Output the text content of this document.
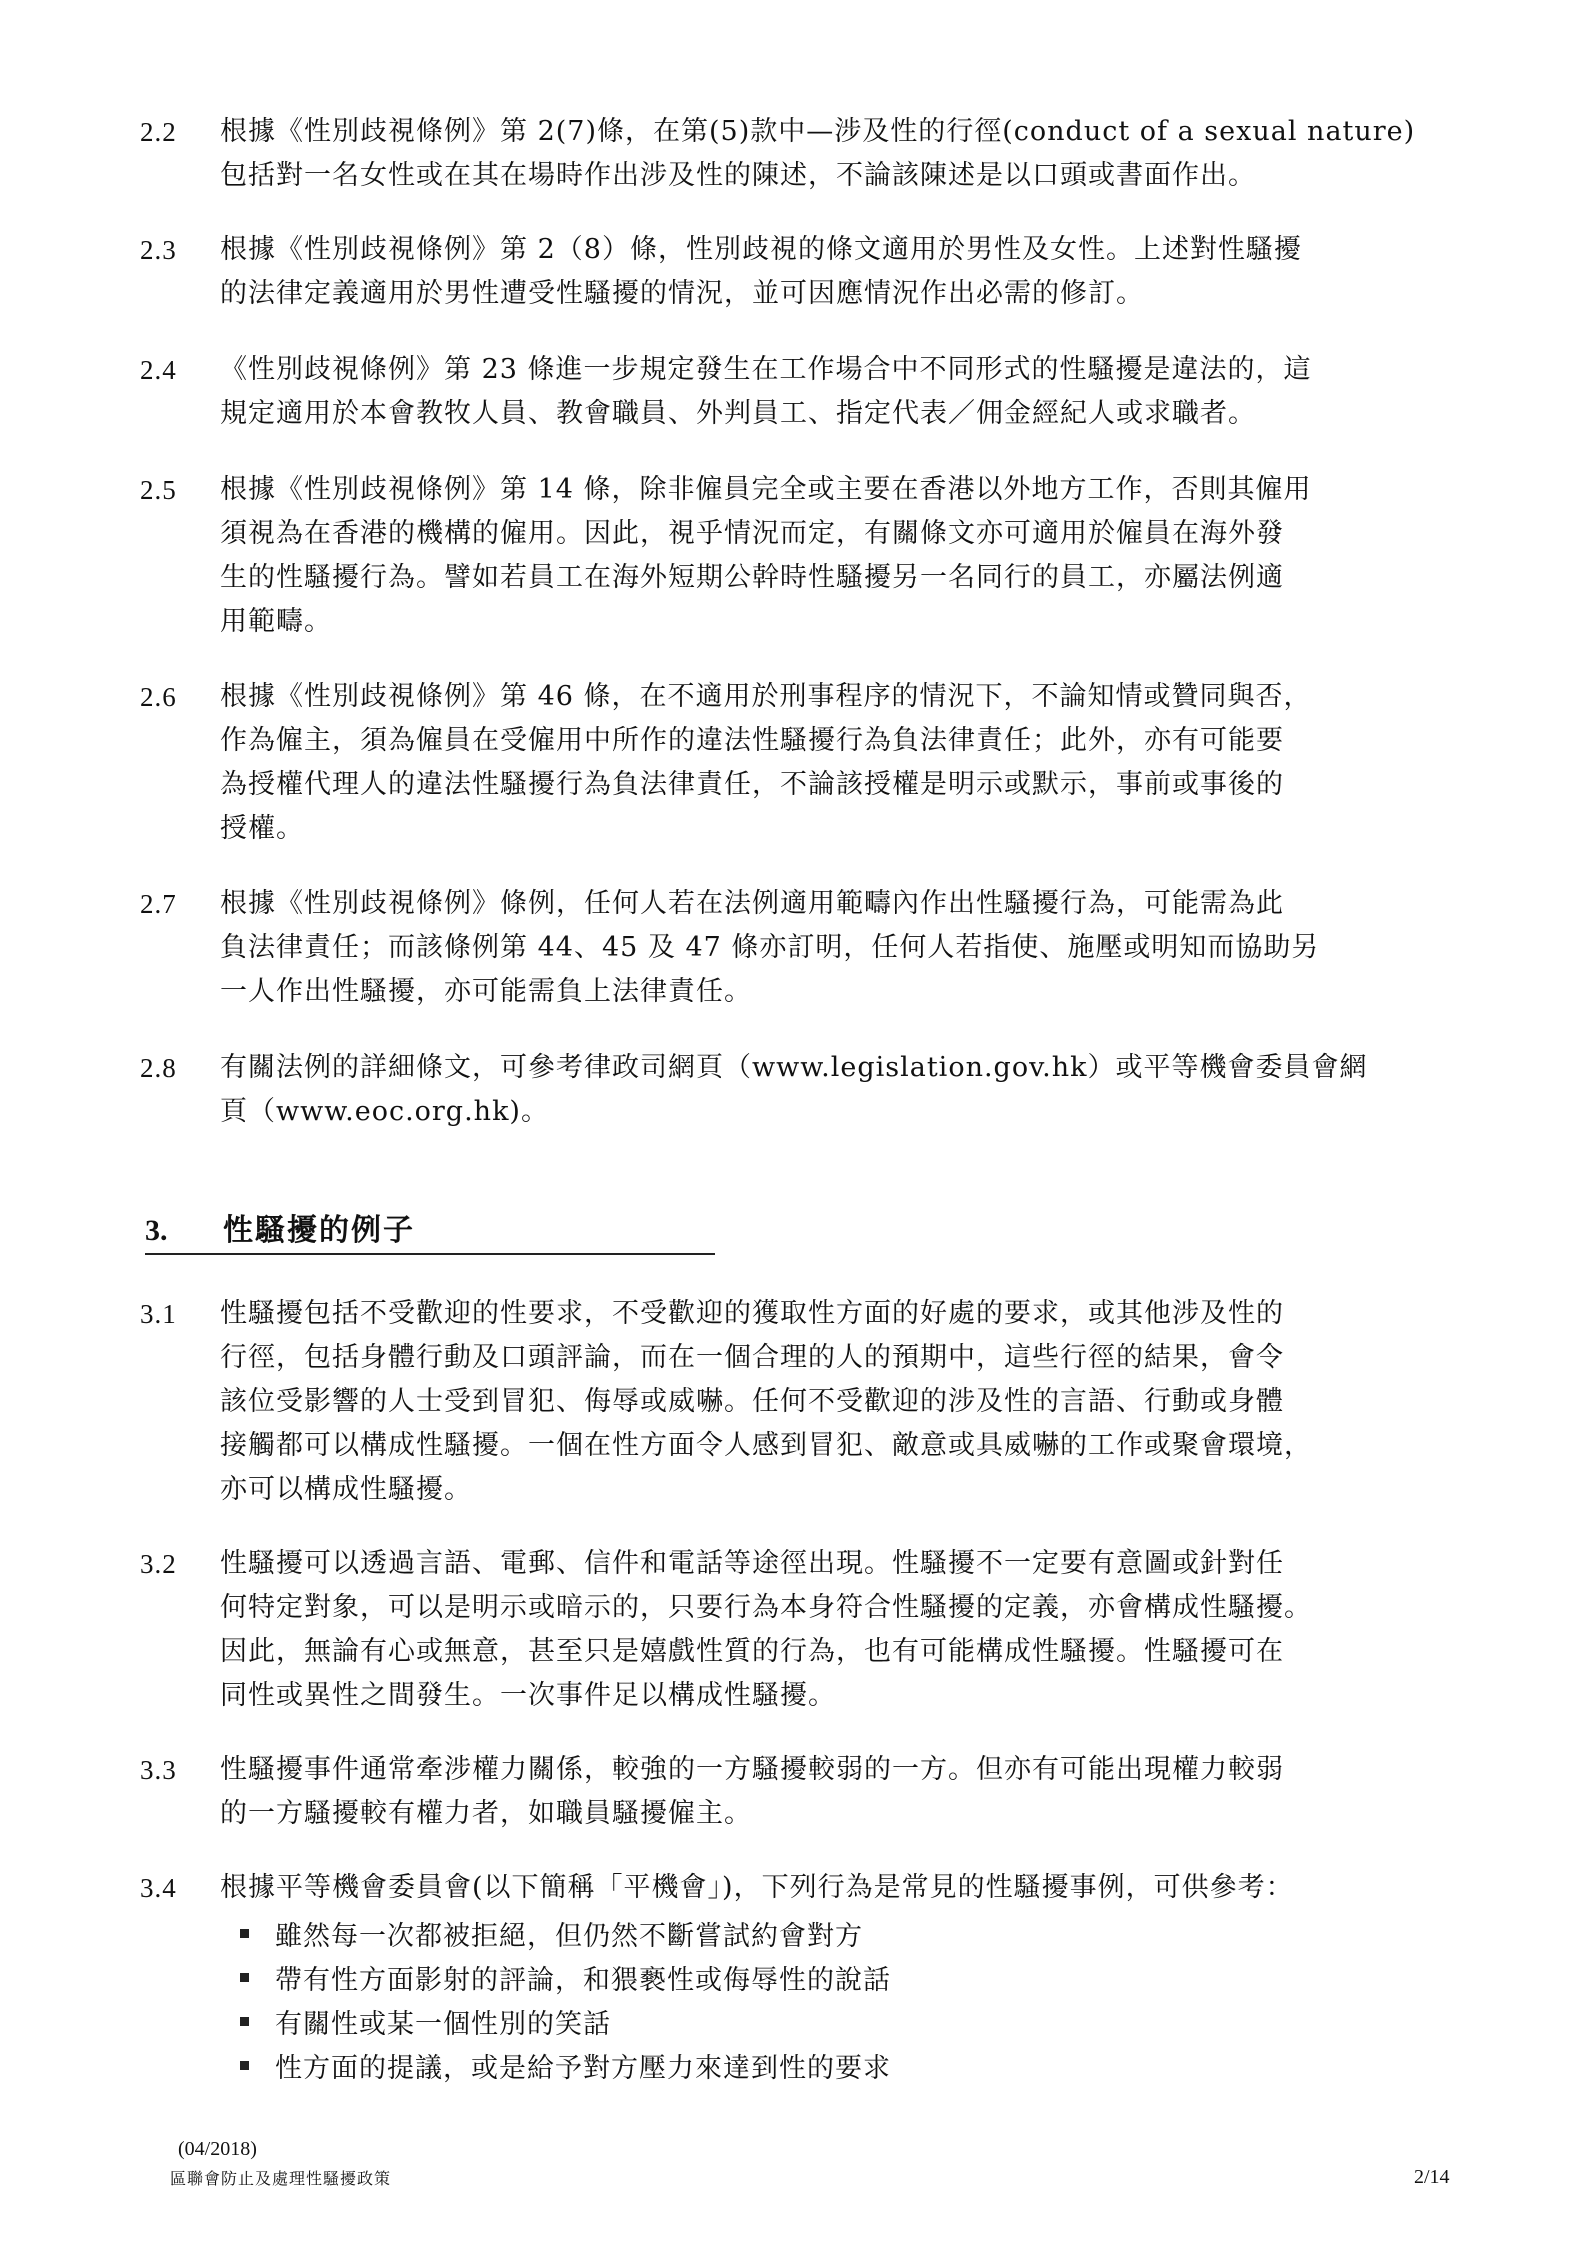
2.2	根據《性別歧視條例》第 2(7)條，在第(5)款中—涉及性的行徑(conduct of a sexual nature)
包括對一名女性或在其在場時作出涉及性的陳述，不論該陳述是以口頭或書面作出。
2.3	根據《性別歧視條例》第 2（8）條，性別歧視的條文適用於男性及女性。上述對性騷擾
的法律定義適用於男性遭受性騷擾的情況，並可因應情況作出必需的修訂。
2.4	《性別歧視條例》第 23 條進一步規定發生在工作場合中不同形式的性騷擾是違法的，這
規定適用於本會教牧人員、教會職員、外判員工、指定代表／佣金經紀人或求職者。
2.5	根據《性別歧視條例》第 14 條，除非僱員完全或主要在香港以外地方工作，否則其僱用
須視為在香港的機構的僱用。因此，視乎情況而定，有關條文亦可適用於僱員在海外發
生的性騷擾行為。譬如若員工在海外短期公幹時性騷擾另一名同行的員工，亦屬法例適
用範疇。
2.6	根據《性別歧視條例》第 46 條，在不適用於刑事程序的情況下，不論知情或贊同與否，
作為僱主，須為僱員在受僱用中所作的違法性騷擾行為負法律責任；此外，亦有可能要
為授權代理人的違法性騷擾行為負法律責任，不論該授權是明示或默示，事前或事後的
授權。
2.7	根據《性別歧視條例》條例，任何人若在法例適用範疇內作出性騷擾行為，可能需為此
負法律責任；而該條例第 44、45 及 47 條亦訂明，任何人若指使、施壓或明知而協助另
一人作出性騷擾，亦可能需負上法律責任。
2.8	有關法例的詳細條文，可參考律政司網頁（www.legislation.gov.hk）或平等機會委員會網
頁（www.eoc.org.hk)。
3. 性騷擾的例子
3.1	性騷擾包括不受歡迎的性要求，不受歡迎的獲取性方面的好處的要求，或其他涉及性的
行徑，包括身體行動及口頭評論，而在一個合理的人的預期中，這些行徑的結果，會令
該位受影響的人士受到冒犯、侮辱或威嚇。任何不受歡迎的涉及性的言語、行動或身體
接觸都可以構成性騷擾。一個在性方面令人感到冒犯、敵意或具威嚇的工作或聚會環境，
亦可以構成性騷擾。
3.2	性騷擾可以透過言語、電郵、信件和電話等途徑出現。性騷擾不一定要有意圖或針對任
何特定對象，可以是明示或暗示的，只要行為本身符合性騷擾的定義，亦會構成性騷擾。
因此，無論有心或無意，甚至只是嬉戲性質的行為，也有可能構成性騷擾。性騷擾可在
同性或異性之間發生。一次事件足以構成性騷擾。
3.3	性騷擾事件通常牽涉權力關係，較強的一方騷擾較弱的一方。但亦有可能出現權力較弱
的一方騷擾較有權力者，如職員騷擾僱主。
3.4	根據平等機會委員會(以下簡稱「平機會」)，下列行為是常見的性騷擾事例，可供參考：
雖然每一次都被拒絕，但仍然不斷嘗試約會對方
帶有性方面影射的評論，和猥褻性或侮辱性的說話
有關性或某一個性別的笑話
性方面的提議，或是給予對方壓力來達到性的要求
(04/2018)
區聯會防止及處理性騷擾政策	2/14
